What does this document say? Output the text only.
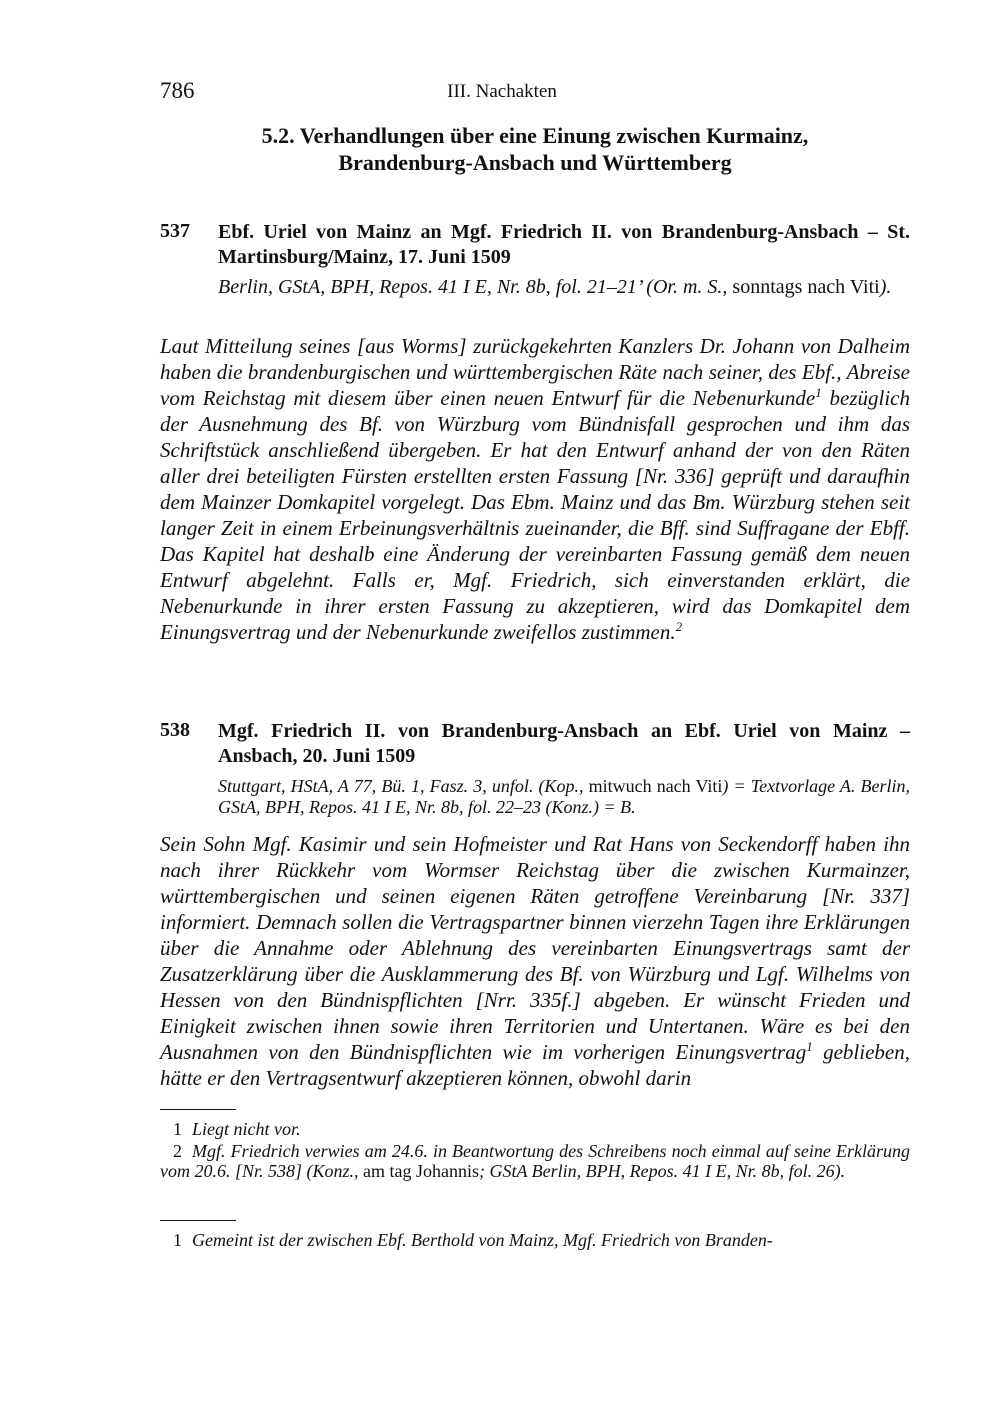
786	III. Nachakten
5.2. Verhandlungen über eine Einung zwischen Kurmainz,
Brandenburg-Ansbach und Württemberg
537 Ebf. Uriel von Mainz an Mgf. Friedrich II. von Brandenburg-Ansbach – St. Martinsburg/Mainz, 17. Juni 1509
Berlin, GStA, BPH, Repos. 41 I E, Nr. 8b, fol. 21–21’ (Or. m. S., sonntags nach Viti).
Laut Mitteilung seines [aus Worms] zurückgekehrten Kanzlers Dr. Johann von Dalheim haben die brandenburgischen und württembergischen Räte nach seiner, des Ebf., Abreise vom Reichstag mit diesem über einen neuen Entwurf für die Nebenurkunde$^1$ bezüglich der Ausnehmung des Bf. von Würzburg vom Bündnisfall gesprochen und ihm das Schriftstück anschließend übergeben. Er hat den Entwurf anhand der von den Räten aller drei beteiligten Fürsten erstellten ersten Fassung [Nr. 336] geprüft und daraufhin dem Mainzer Domkapitel vorgelegt. Das Ebm. Mainz und das Bm. Würzburg stehen seit langer Zeit in einem Erbeinungsverhältnis zueinander, die Bff. sind Suffragane der Ebff. Das Kapitel hat deshalb eine Änderung der vereinbarten Fassung gemäß dem neuen Entwurf abgelehnt. Falls er, Mgf. Friedrich, sich einverstanden erklärt, die Nebenurkunde in ihrer ersten Fassung zu akzeptieren, wird das Domkapitel dem Einungsvertrag und der Nebenurkunde zweifellos zustimmen.$^2$
538 Mgf. Friedrich II. von Brandenburg-Ansbach an Ebf. Uriel von Mainz – Ansbach, 20. Juni 1509
Stuttgart, HStA, A 77, Bü. 1, Fasz. 3, unfol. (Kop., mitwuch nach Viti) = Textvorlage A. Berlin, GStA, BPH, Repos. 41 I E, Nr. 8b, fol. 22–23 (Konz.) = B.
Sein Sohn Mgf. Kasimir und sein Hofmeister und Rat Hans von Seckendorff haben ihn nach ihrer Rückkehr vom Wormser Reichstag über die zwischen Kurmainzer, württembergischen und seinen eigenen Räten getroffene Vereinbarung [Nr. 337] informiert. Demnach sollen die Vertragspartner binnen vierzehn Tagen ihre Erklärungen über die Annahme oder Ablehnung des vereinbarten Einungsvertrags samt der Zusatzerklärung über die Ausklammerung des Bf. von Würzburg und Lgf. Wilhelms von Hessen von den Bündnispflichten [Nrr. 335f.] abgeben. Er wünscht Frieden und Einigkeit zwischen ihnen sowie ihren Territorien und Untertanen. Wäre es bei den Ausnahmen von den Bündnispflichten wie im vorherigen Einungsvertrag$^1$ geblieben, hätte er den Vertragsentwurf akzeptieren können, obwohl darin
1 Liegt nicht vor.
2 Mgf. Friedrich verwies am 24.6. in Beantwortung des Schreibens noch einmal auf seine Erklärung vom 20.6. [Nr. 538] (Konz., am tag Johannis; GStA Berlin, BPH, Repos. 41 I E, Nr. 8b, fol. 26).
1 Gemeint ist der zwischen Ebf. Berthold von Mainz, Mgf. Friedrich von Branden-
